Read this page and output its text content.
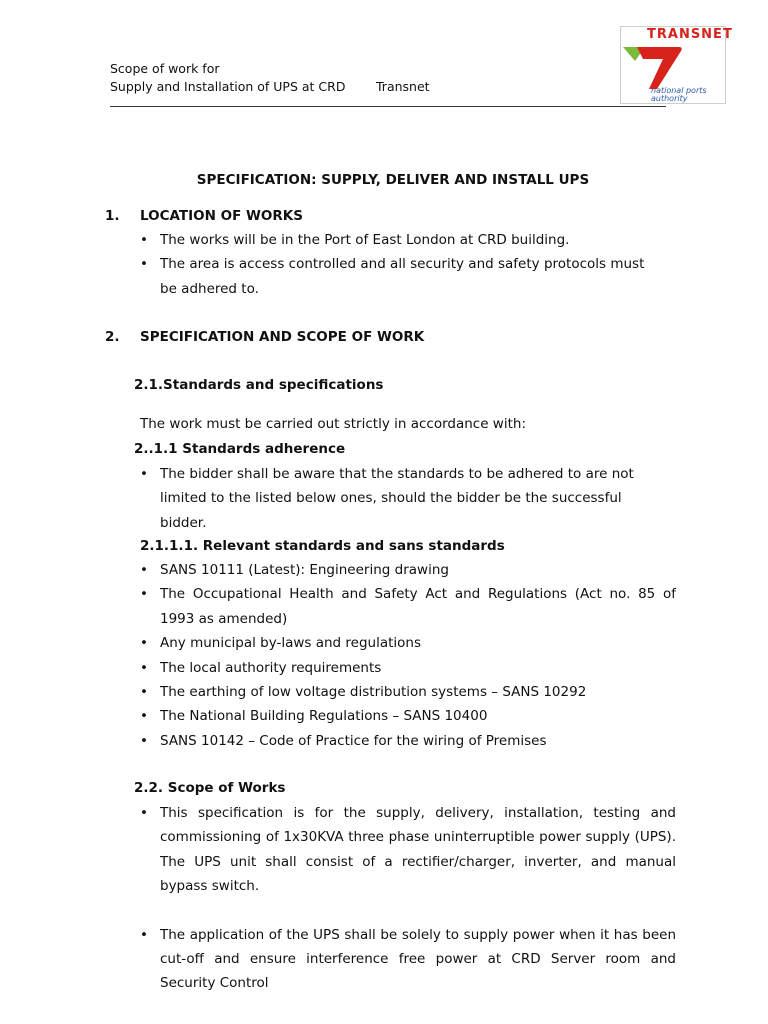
Scope of work for
Supply and Installation of UPS at CRD Transnet
TRANSNET
national ports
authority
SPECIFICATION: SUPPLY, DELIVER AND INSTALL UPS
1. LOCATION OF WORKS
• The works will be in the Port of East London at CRD building.
• The area is access controlled and all security and safety protocols must be adhered to.
2. SPECIFICATION AND SCOPE OF WORK
2.1.Standards and specifications
The work must be carried out strictly in accordance with:
2..1.1 Standards adherence
• The bidder shall be aware that the standards to be adhered to are not limited to the listed below ones, should the bidder be the successful bidder.
2.1.1.1. Relevant standards and sans standards
• SANS 10111 (Latest): Engineering drawing
• The Occupational Health and Safety Act and Regulations (Act no. 85 of 1993 as amended)
• Any municipal by-laws and regulations
• The local authority requirements
• The earthing of low voltage distribution systems – SANS 10292
• The National Building Regulations – SANS 10400
• SANS 10142 – Code of Practice for the wiring of Premises
2.2. Scope of Works
• This specification is for the supply, delivery, installation, testing and commissioning of 1x30KVA three phase uninterruptible power supply (UPS). The UPS unit shall consist of a rectifier/charger, inverter, and manual bypass switch.
• The application of the UPS shall be solely to supply power when it has been cut-off and ensure interference free power at CRD Server room and Security Control
